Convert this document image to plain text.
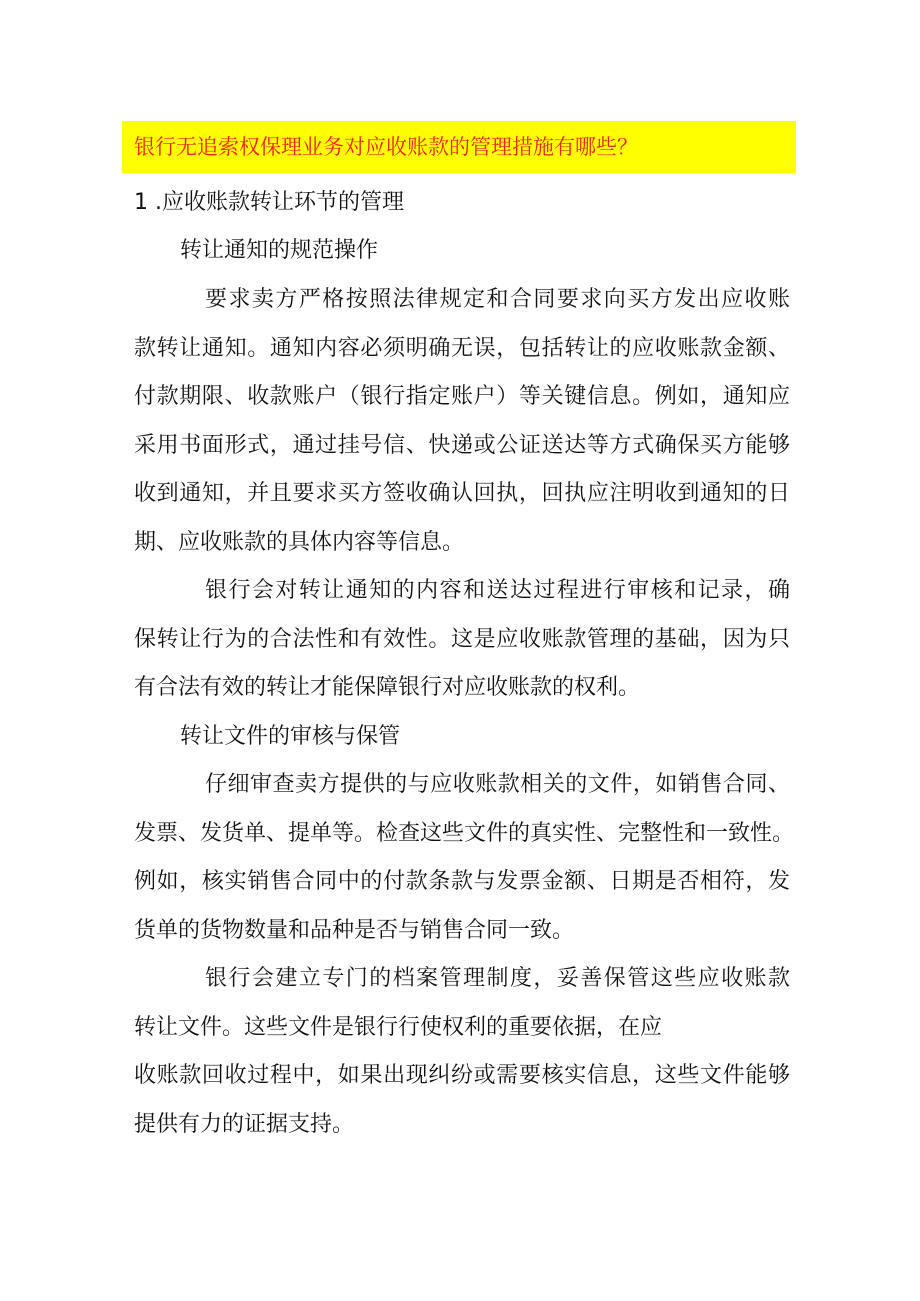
银行无追索权保理业务对应收账款的管理措施有哪些？
1 .应收账款转让环节的管理
转让通知的规范操作
要求卖方严格按照法律规定和合同要求向买方发出应收账
款转让通知。通知内容必须明确无误，包括转让的应收账款金额、
付款期限、收款账户（银行指定账户）等关键信息。例如，通知应
采用书面形式，通过挂号信、快递或公证送达等方式确保买方能够
收到通知，并且要求买方签收确认回执，回执应注明收到通知的日
期、应收账款的具体内容等信息。
银行会对转让通知的内容和送达过程进行审核和记录，确
保转让行为的合法性和有效性。这是应收账款管理的基础，因为只
有合法有效的转让才能保障银行对应收账款的权利。
转让文件的审核与保管
仔细审查卖方提供的与应收账款相关的文件，如销售合同、
发票、发货单、提单等。检查这些文件的真实性、完整性和一致性。
例如，核实销售合同中的付款条款与发票金额、日期是否相符，发
货单的货物数量和品种是否与销售合同一致。
银行会建立专门的档案管理制度，妥善保管这些应收账款
转让文件。这些文件是银行行使权利的重要依据，在应
收账款回收过程中，如果出现纠纷或需要核实信息，这些文件能够
提供有力的证据支持。
